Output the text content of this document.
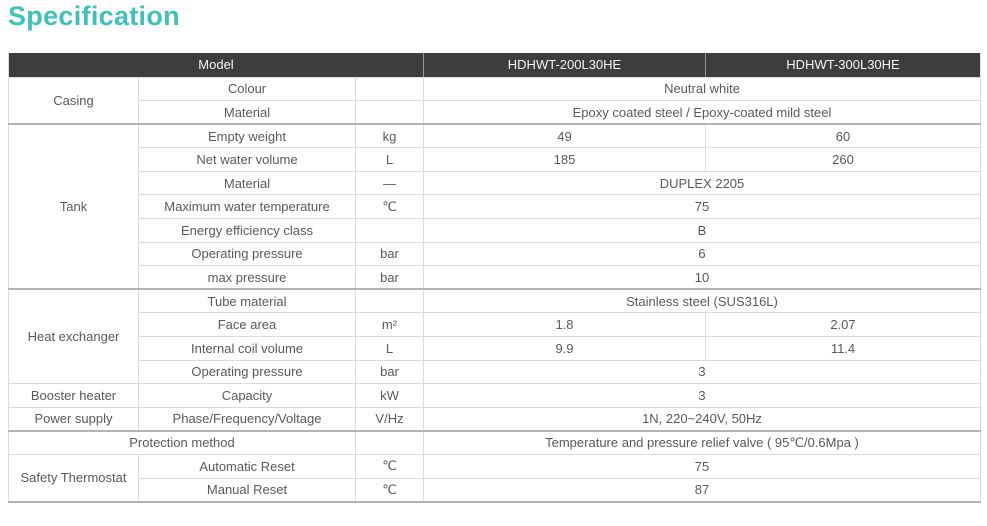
Specification
Model			HDHWT-200L30HE	HDHWT-300L30HE
Casing	Colour		Neutral white	
	Material		Epoxy coated steel / Epoxy-coated mild steel	
Tank	Empty weight	kg	49	60
	Net water volume	L	185	260
	Material	—	DUPLEX 2205	
	Maximum water temperature	℃	75	
	Energy efficiency class		B	
	Operating pressure	bar	6	
	max pressure	bar	10	
Heat exchanger	Tube material		Stainless steel (SUS316L)	
	Face area	m²	1.8	2.07
	Internal coil volume	L	9.9	11.4
	Operating pressure	bar	3	
Booster heater	Capacity	kW	3	
Power supply	Phase/Frequency/Voltage	V/Hz	1N, 220~240V, 50Hz	
Protection method			Temperature and pressure relief valve ( 95℃/0.6Mpa )	
Safety Thermostat	Automatic Reset	℃	75	
	Manual Reset	℃	87	
